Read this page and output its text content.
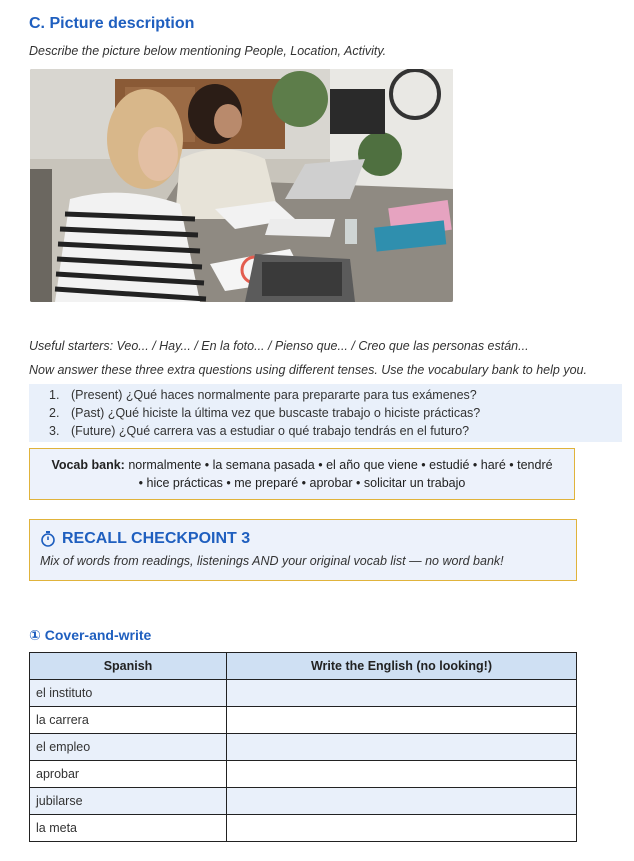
C. Picture description
Describe the picture below mentioning People, Location, Activity.
Useful starters: Veo... / Hay... / En la foto... / Pienso que... / Creo que las personas están...
Now answer these three extra questions using different tenses. Use the vocabulary bank to help you.
1. (Present) ¿Qué haces normalmente para prepararte para tus exámenes?
2. (Past) ¿Qué hiciste la última vez que buscaste trabajo o hiciste prácticas?
3. (Future) ¿Qué carrera vas a estudiar o qué trabajo tendrás en el futuro?
Vocab bank: normalmente • la semana pasada • el año que viene • estudié • haré • tendré
• hice prácticas • me preparé • aprobar • solicitar un trabajo
RECALL CHECKPOINT 3
Mix of words from readings, listenings AND your original vocab list — no word bank!
① Cover-and-write
Spanish	Write the English (no looking!)
el instituto	
la carrera	
el empleo	
aprobar	
jubilarse	
la meta	
